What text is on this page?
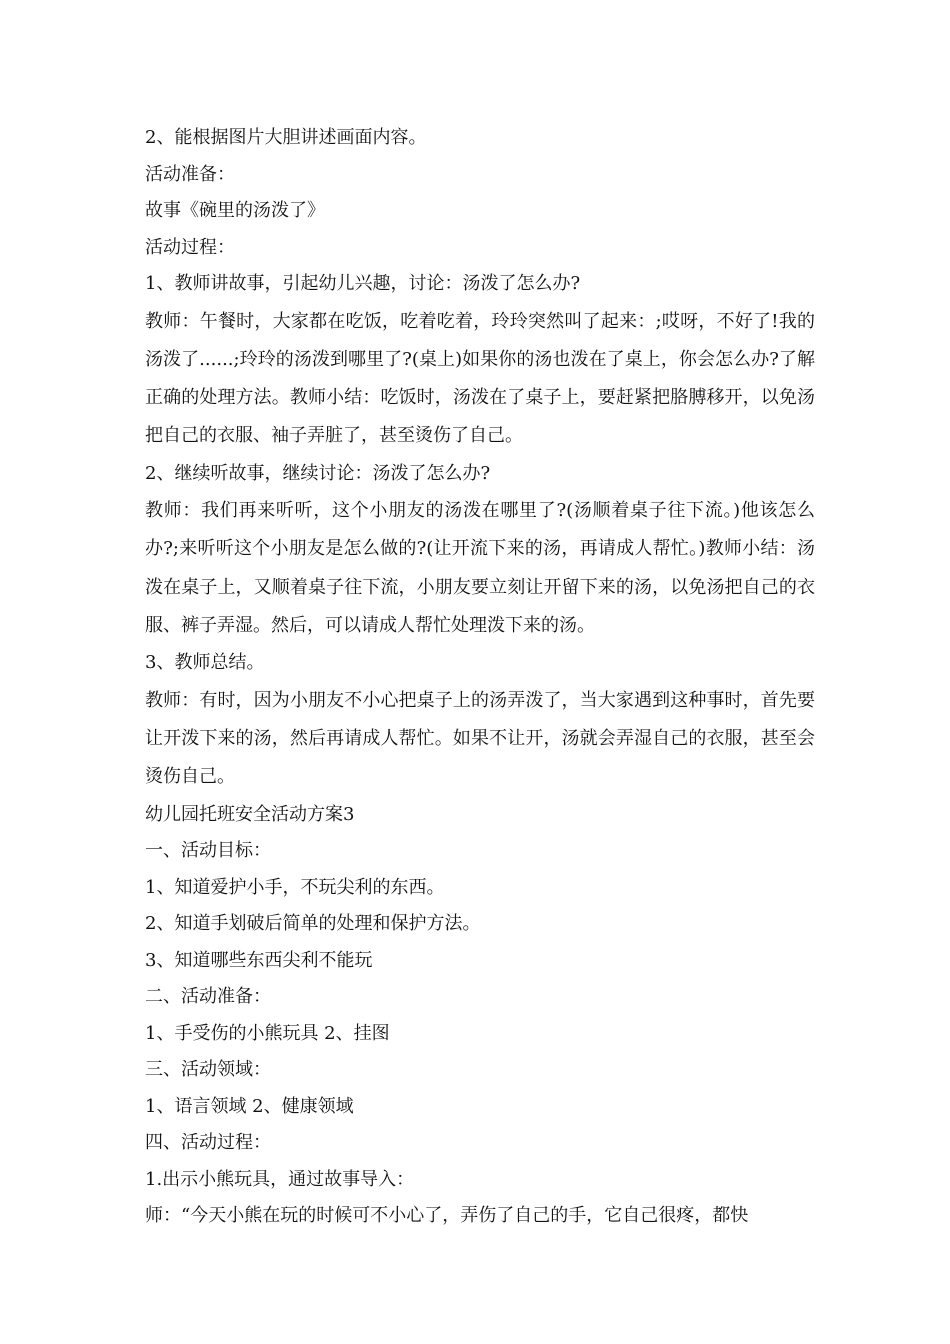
2、能根据图片大胆讲述画面内容。
活动准备：
故事《碗里的汤泼了》
活动过程：
1、教师讲故事，引起幼儿兴趣，讨论：汤泼了怎么办?
教师：午餐时，大家都在吃饭，吃着吃着，玲玲突然叫了起来：;哎呀，不好了!我的汤泼了......;玲玲的汤泼到哪里了?(桌上)如果你的汤也泼在了桌上，你会怎么办?了解正确的处理方法。教师小结：吃饭时，汤泼在了桌子上，要赶紧把胳膊移开，以免汤把自己的衣服、袖子弄脏了，甚至烫伤了自己。
2、继续听故事，继续讨论：汤泼了怎么办?
教师：我们再来听听，这个小朋友的汤泼在哪里了?(汤顺着桌子往下流。)他该怎么办?;来听听这个小朋友是怎么做的?(让开流下来的汤，再请成人帮忙。)教师小结：汤泼在桌子上，又顺着桌子往下流，小朋友要立刻让开留下来的汤，以免汤把自己的衣服、裤子弄湿。然后，可以请成人帮忙处理泼下来的汤。
3、教师总结。
教师：有时，因为小朋友不小心把桌子上的汤弄泼了，当大家遇到这种事时，首先要让开泼下来的汤，然后再请成人帮忙。如果不让开，汤就会弄湿自己的衣服，甚至会烫伤自己。
幼儿园托班安全活动方案3
一、活动目标：
1、知道爱护小手，不玩尖利的东西。
2、知道手划破后简单的处理和保护方法。
3、知道哪些东西尖利不能玩
二、活动准备：
1、手受伤的小熊玩具 2、挂图
三、活动领域：
1、语言领域 2、健康领域
四、活动过程：
1.出示小熊玩具，通过故事导入：
师：“今天小熊在玩的时候可不小心了，弄伤了自己的手，它自己很疼，都快
